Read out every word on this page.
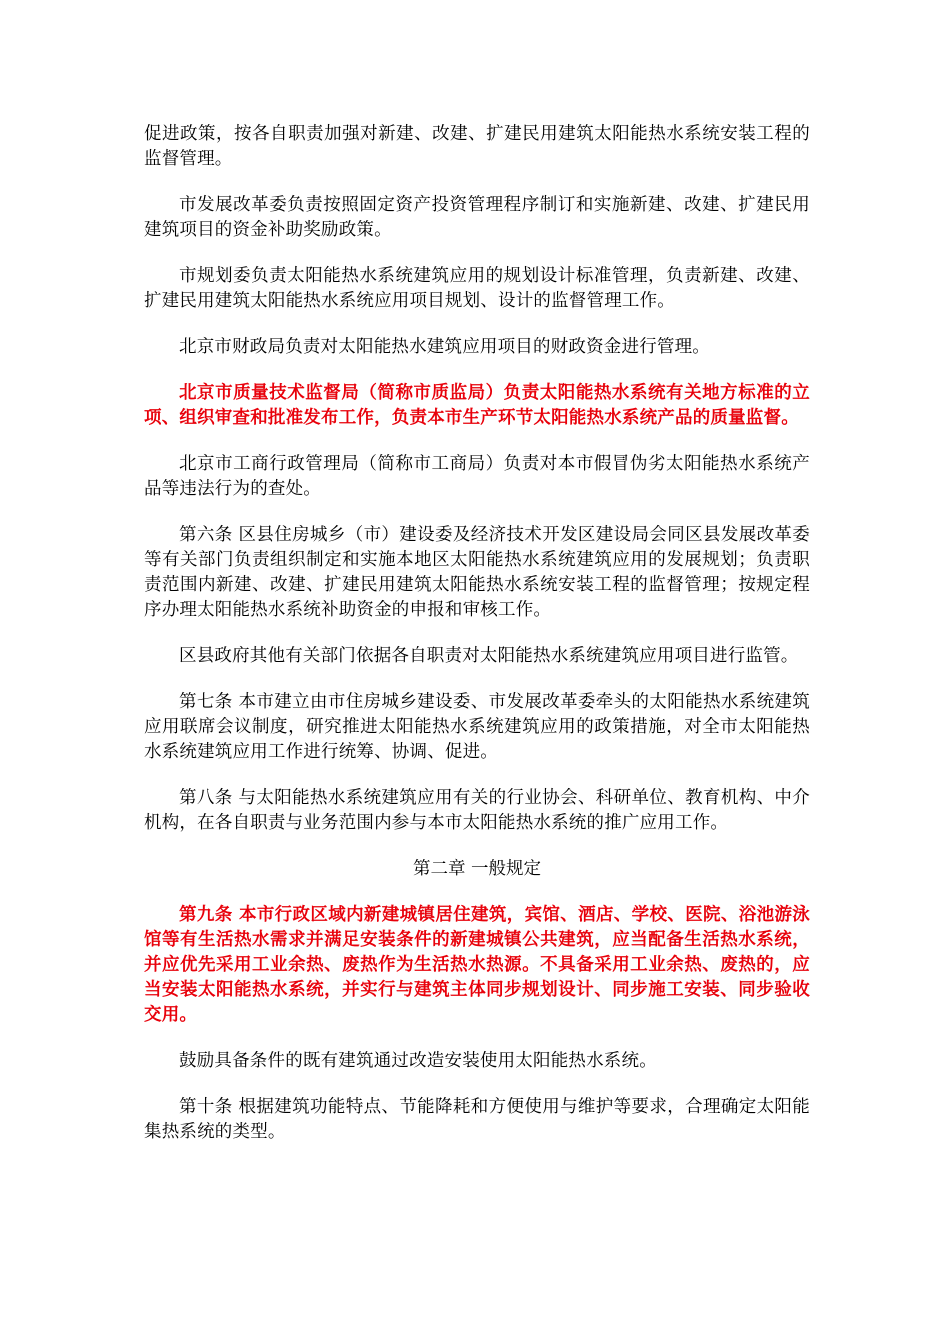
促进政策，按各自职责加强对新建、改建、扩建民用建筑太阳能热水系统安装工程的监督管理。

市发展改革委负责按照固定资产投资管理程序制订和实施新建、改建、扩建民用建筑项目的资金补助奖励政策。

市规划委负责太阳能热水系统建筑应用的规划设计标准管理，负责新建、改建、扩建民用建筑太阳能热水系统应用项目规划、设计的监督管理工作。

北京市财政局负责对太阳能热水建筑应用项目的财政资金进行管理。

北京市质量技术监督局（简称市质监局）负责太阳能热水系统有关地方标准的立项、组织审查和批准发布工作，负责本市生产环节太阳能热水系统产品的质量监督。

北京市工商行政管理局（简称市工商局）负责对本市假冒伪劣太阳能热水系统产品等违法行为的查处。

第六条 区县住房城乡（市）建设委及经济技术开发区建设局会同区县发展改革委等有关部门负责组织制定和实施本地区太阳能热水系统建筑应用的发展规划；负责职责范围内新建、改建、扩建民用建筑太阳能热水系统安装工程的监督管理；按规定程序办理太阳能热水系统补助资金的申报和审核工作。

区县政府其他有关部门依据各自职责对太阳能热水系统建筑应用项目进行监管。

第七条 本市建立由市住房城乡建设委、市发展改革委牵头的太阳能热水系统建筑应用联席会议制度，研究推进太阳能热水系统建筑应用的政策措施，对全市太阳能热水系统建筑应用工作进行统筹、协调、促进。

第八条 与太阳能热水系统建筑应用有关的行业协会、科研单位、教育机构、中介机构，在各自职责与业务范围内参与本市太阳能热水系统的推广应用工作。

第二章 一般规定

第九条 本市行政区域内新建城镇居住建筑，宾馆、酒店、学校、医院、浴池游泳馆等有生活热水需求并满足安装条件的新建城镇公共建筑，应当配备生活热水系统，并应优先采用工业余热、废热作为生活热水热源。不具备采用工业余热、废热的，应当安装太阳能热水系统，并实行与建筑主体同步规划设计、同步施工安装、同步验收交用。

鼓励具备条件的既有建筑通过改造安装使用太阳能热水系统。

第十条 根据建筑功能特点、节能降耗和方便使用与维护等要求，合理确定太阳能集热系统的类型。
